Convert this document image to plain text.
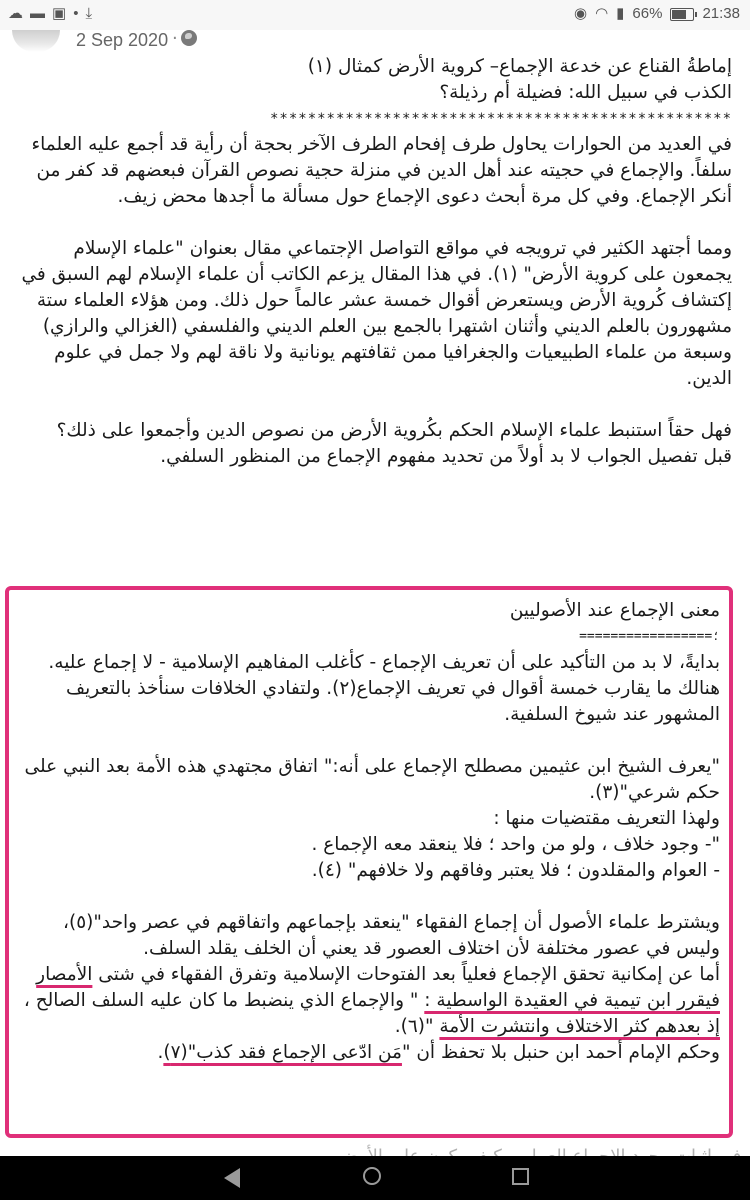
☁ ▬ ▣ • ⤓	◉ ◠ ▮ 66%	21:38
2 Sep 2020 ·

إماطةُ القناع عن خدعة الإجماع– كروية الأرض كمثال (١)

الكذب في سبيل الله: فضيلة أم رذيلة؟

*************************************************

في العديد من الحوارات يحاول طرف إفحام الطرف الآخر بحجة أن رأية قد أجمع عليه العلماء سلفاً. والإجماع في حجيته عند أهل الدين في منزلة حجية نصوص القرآن فبعضهم قد كفر من أنكر الإجماع. وفي كل مرة أبحث دعوى الإجماع حول مسألة ما أجدها محض زيف.

ومما أجتهد الكثير في ترويجه في مواقع التواصل الإجتماعي مقال بعنوان "علماء الإسلام يجمعون على كروية الأرض" (١). في هذا المقال يزعم الكاتب أن علماء الإسلام لهم السبق في إكتشاف كُروية الأرض ويستعرض أقوال خمسة عشر عالماً حول ذلك. ومن هؤلاء العلماء ستة مشهورون بالعلم الديني وأثنان اشتهرا بالجمع بين العلم الديني والفلسفي (الغزالي والرازي) وسبعة من علماء الطبيعيات والجغرافيا ممن ثقافتهم يونانية ولا ناقة لهم ولا جمل في علوم الدين.

فهل حقاً استنبط علماء الإسلام الحكم بكُروية الأرض من نصوص الدين وأجمعوا على ذلك؟

قبل تفصيل الجواب لا بد أولاً من تحديد مفهوم الإجماع من المنظور السلفي.

معنى الإجماع عند الأصوليين

=================؛

بدايةً، لا بد من التأكيد على أن تعريف الإجماع - كأغلب المفاهيم الإسلامية - لا إجماع عليه. هنالك ما يقارب خمسة أقوال في تعريف الإجماع(٢). ولتفادي الخلافات سنأخذ بالتعريف المشهور عند شيوخ السلفية.

"يعرف الشيخ ابن عثيمين مصطلح الإجماع على أنه:" اتفاق مجتهدي هذه الأمة بعد النبي على حكم شرعي"(٣).

ولهذا التعريف مقتضيات منها :

"- وجود خلاف ، ولو من واحد ؛ فلا ينعقد معه الإجماع .

- العوام والمقلدون ؛ فلا يعتبر وفاقهم ولا خلافهم" (٤).

ويشترط علماء الأصول أن إجماع الفقهاء "ينعقد بإجماعهم واتفاقهم في عصر واحد"(٥)، وليس في عصور مختلفة لأن اختلاف العصور قد يعني أن الخلف يقلد السلف.

أما عن إمكانية تحقق الإجماع فعلياً بعد الفتوحات الإسلامية وتفرق الفقهاء في شتى الأمصار فيقرر ابن تيمية في العقيدة الواسطية : " والإجماع الذي ينضبط ما كان عليه السلف الصالح ، إذ بعدهم كثر الاختلاف وانتشرت الأمة "(٦).

وحكم الإمام أحمد ابن حنبل بلا تحفظ أن "مَن ادّعى الإجماع فقد كذب"(٧).
